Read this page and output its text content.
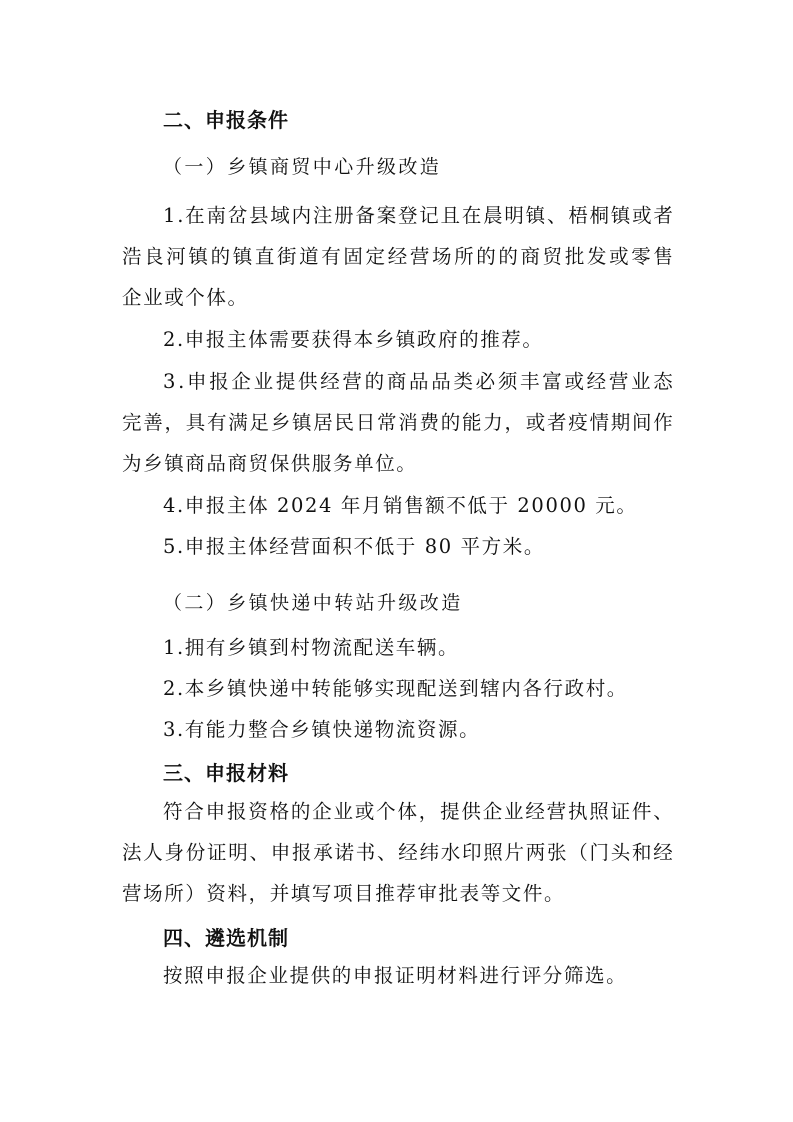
二、申报条件
（一）乡镇商贸中心升级改造
1 . 在 南 岔 县 域 内 注 册 备 案 登 记 且 在 晨 明 镇 、 梧 桐 镇 或 者
浩 良 河 镇 的 镇 直 街 道 有 固 定 经 营 场 所 的 的 商 贸 批 发 或 零 售
企业或个体。
2.申报主体需要获得本乡镇政府的推荐。
3 . 申 报 企 业 提 供 经 营 的 商 品 品 类 必 须 丰 富 或 经 营 业 态
完 善 ， 具 有 满 足 乡 镇 居 民 日 常 消 费 的 能 力 ， 或 者 疫 情 期 间 作
为乡镇商品商贸保供服务单位。
4.申报主体 2024 年月销售额不低于 20000 元。
5.申报主体经营面积不低于 80 平方米。
（二）乡镇快递中转站升级改造
1.拥有乡镇到村物流配送车辆。
2.本乡镇快递中转能够实现配送到辖内各行政村。
3.有能力整合乡镇快递物流资源。
三、申报材料
符 合 申 报 资 格 的 企 业 或 个 体 ， 提 供 企 业 经 营 执 照 证 件 、
法 人 身 份 证 明 、 申 报 承 诺 书 、 经 纬 水 印 照 片 两 张 （ 门 头 和 经
营场所）资料，并填写项目推荐审批表等文件。
四、遴选机制
按照申报企业提供的申报证明材料进行评分筛选。
